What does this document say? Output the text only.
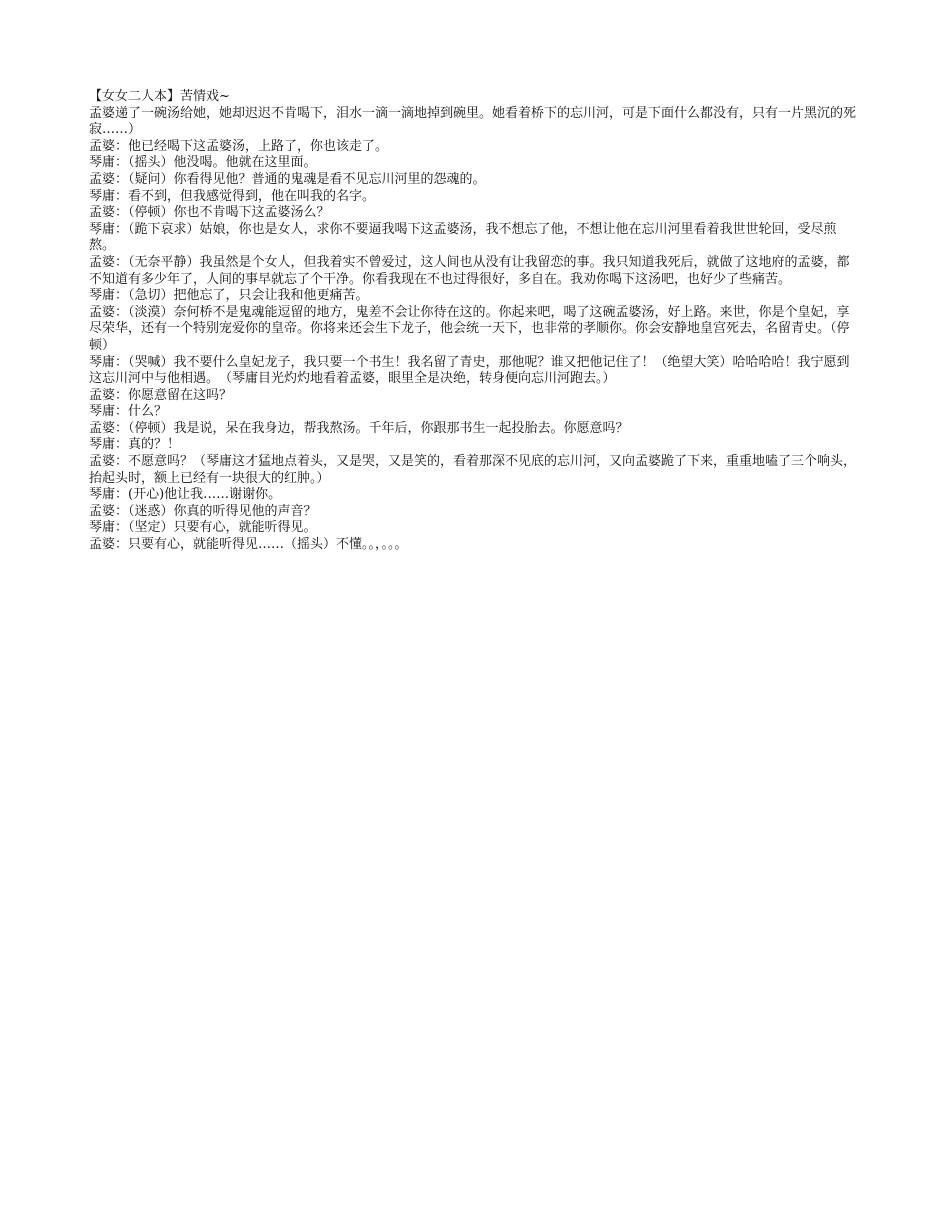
【女女二人本】苦情戏~

孟婆递了一碗汤给她，她却迟迟不肯喝下，泪水一滴一滴地掉到碗里。她看着桥下的忘川河，可是下面什么都没有，只有一片黑沉的死寂……）

孟婆：他已经喝下这孟婆汤，上路了，你也该走了。

琴庸：（摇头）他没喝。他就在这里面。

孟婆：（疑问）你看得见他？普通的鬼魂是看不见忘川河里的怨魂的。

琴庸：看不到，但我感觉得到，他在叫我的名字。

孟婆：（停顿）你也不肯喝下这孟婆汤么？

琴庸：（跪下哀求）姑娘，你也是女人，求你不要逼我喝下这孟婆汤，我不想忘了他，不想让他在忘川河里看着我世世轮回，受尽煎熬。

孟婆：（无奈平静）我虽然是个女人，但我着实不曾爱过，这人间也从没有让我留恋的事。我只知道我死后，就做了这地府的孟婆，都不知道有多少年了，人间的事早就忘了个干净。你看我现在不也过得很好，多自在。我劝你喝下这汤吧，也好少了些痛苦。

琴庸：（急切）把他忘了，只会让我和他更痛苦。

孟婆：（淡漠）奈何桥不是鬼魂能逗留的地方，鬼差不会让你待在这的。你起来吧，喝了这碗孟婆汤，好上路。来世，你是个皇妃，享尽荣华，还有一个特别宠爱你的皇帝。你将来还会生下龙子，他会统一天下，也非常的孝顺你。你会安静地皇宫死去，名留青史。（停顿）

琴庸：（哭喊）我不要什么皇妃龙子，我只要一个书生！我名留了青史，那他呢？谁又把他记住了！（绝望大笑）哈哈哈哈！我宁愿到这忘川河中与他相遇。　（琴庸目光灼灼地看着孟婆，眼里全是决绝，转身便向忘川河跑去。）

孟婆：你愿意留在这吗？

琴庸：什么？

孟婆：（停顿）我是说，呆在我身边，帮我熬汤。千年后，你跟那书生一起投胎去。你愿意吗？

琴庸：真的？！

孟婆：不愿意吗？（琴庸这才猛地点着头，又是哭，又是笑的，看着那深不见底的忘川河，又向孟婆跪了下来，重重地嗑了三个响头，抬起头时，额上已经有一块很大的红肿。）

琴庸：(开心)他让我……谢谢你。

孟婆：（迷惑）你真的听得见他的声音？

琴庸：（坚定）只要有心，就能听得见。

孟婆：只要有心，就能听得见……（摇头）不懂。。，。。。
